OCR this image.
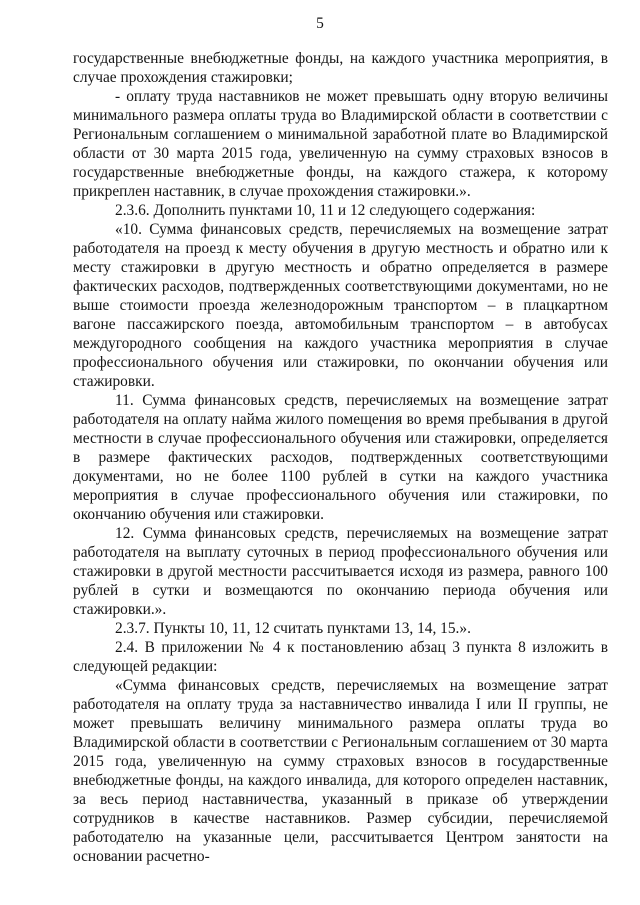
5

государственные внебюджетные фонды, на каждого участника мероприятия, в случае прохождения стажировки;

- оплату труда наставников не может превышать одну вторую величины минимального размера оплаты труда во Владимирской области в соответствии с Региональным соглашением о минимальной заработной плате во Владимирской области от 30 марта 2015 года, увеличенную на сумму страховых взносов в государственные внебюджетные фонды, на каждого стажера, к которому прикреплен наставник, в случае прохождения стажировки.».

2.3.6. Дополнить пунктами 10, 11 и 12 следующего содержания:

«10. Сумма финансовых средств, перечисляемых на возмещение затрат работодателя на проезд к месту обучения в другую местность и обратно или к месту стажировки в другую местность и обратно определяется в размере фактических расходов, подтвержденных соответствующими документами, но не выше стоимости проезда железнодорожным транспортом – в плацкартном вагоне пассажирского поезда, автомобильным транспортом – в автобусах междугородного сообщения на каждого участника мероприятия в случае профессионального обучения или стажировки, по окончании обучения или стажировки.

11. Сумма финансовых средств, перечисляемых на возмещение затрат работодателя на оплату найма жилого помещения во время пребывания в другой местности в случае профессионального обучения или стажировки, определяется в размере фактических расходов, подтвержденных соответствующими документами, но не более 1100 рублей в сутки на каждого участника мероприятия в случае профессионального обучения или стажировки, по окончанию обучения или стажировки.

12. Сумма финансовых средств, перечисляемых на возмещение затрат работодателя на выплату суточных в период профессионального обучения или стажировки в другой местности рассчитывается исходя из размера, равного 100 рублей в сутки и возмещаются по окончанию периода обучения или стажировки.».

2.3.7. Пункты 10, 11, 12 считать пунктами 13, 14, 15.».

2.4. В приложении № 4 к постановлению абзац 3 пункта 8 изложить в следующей редакции:

«Сумма финансовых средств, перечисляемых на возмещение затрат работодателя на оплату труда за наставничество инвалида I или II группы, не может превышать величину минимального размера оплаты труда во Владимирской области в соответствии с Региональным соглашением от 30 марта 2015 года, увеличенную на сумму страховых взносов в государственные внебюджетные фонды, на каждого инвалида, для которого определен наставник, за весь период наставничества, указанный в приказе об утверждении сотрудников в качестве наставников. Размер субсидии, перечисляемой работодателю на указанные цели, рассчитывается Центром занятости на основании расчетно-
